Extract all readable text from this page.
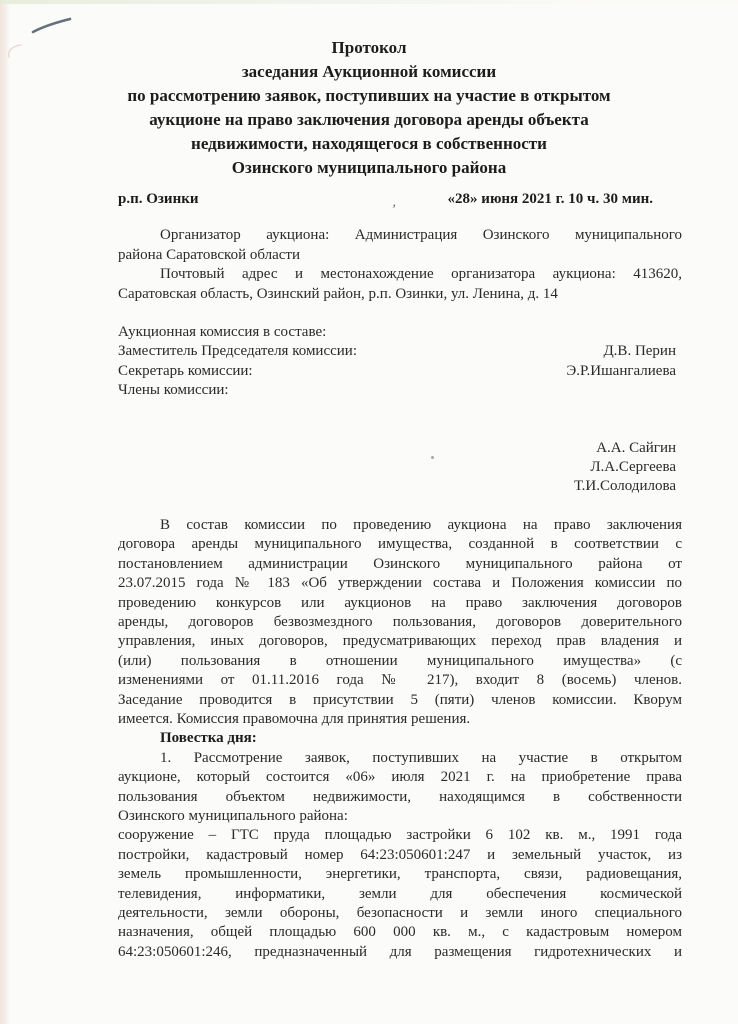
Протокол
заседания Аукционной комиссии
по рассмотрению заявок, поступивших на участие в открытом
аукционе на право заключения договора аренды объекта
недвижимости, находящегося в собственности
Озинского муниципального района
р.п. Озинки	,	«28» июня 2021 г. 10 ч. 30 мин.
Организатор аукциона: Администрация Озинского муниципального
района Саратовской области
Почтовый адрес и местонахождение организатора аукциона: 413620,
Саратовская область, Озинский район, р.п. Озинки, ул. Ленина, д. 14
Аукционная комиссия в составе:
Заместитель Председателя комиссии:	Д.В. Перин
Секретарь комиссии:	Э.Р.Ишангалиева
Члены комиссии:
А.А. Сайгин
Л.А.Сергеева
Т.И.Солодилова
В состав комиссии по проведению аукциона на право заключения
договора аренды муниципального имущества, созданной в соответствии с
постановлением администрации Озинского муниципального района от
23.07.2015 года № 183 «Об утверждении состава и Положения комиссии по
проведению конкурсов или аукционов на право заключения договоров
аренды, договоров безвозмездного пользования, договоров доверительного
управления, иных договоров, предусматривающих переход прав владения и
(или) пользования в отношении муниципального имущества» (с
изменениями от 01.11.2016 года № 217), входит 8 (восемь) членов.
Заседание проводится в присутствии 5 (пяти) членов комиссии. Кворум
имеется. Комиссия правомочна для принятия решения.
Повестка дня:
1. Рассмотрение заявок, поступивших на участие в открытом
аукционе, который состоится «06» июля 2021 г. на приобретение права
пользования объектом недвижимости, находящимся в собственности
Озинского муниципального района:
сооружение – ГТС пруда площадью застройки 6 102 кв. м., 1991 года
постройки, кадастровый номер 64:23:050601:247 и земельный участок, из
земель промышленности, энергетики, транспорта, связи, радиовещания,
телевидения, информатики, земли для обеспечения космической
деятельности, земли обороны, безопасности и земли иного специального
назначения, общей площадью 600 000 кв. м., с кадастровым номером
64:23:050601:246, предназначенный для размещения гидротехнических и
